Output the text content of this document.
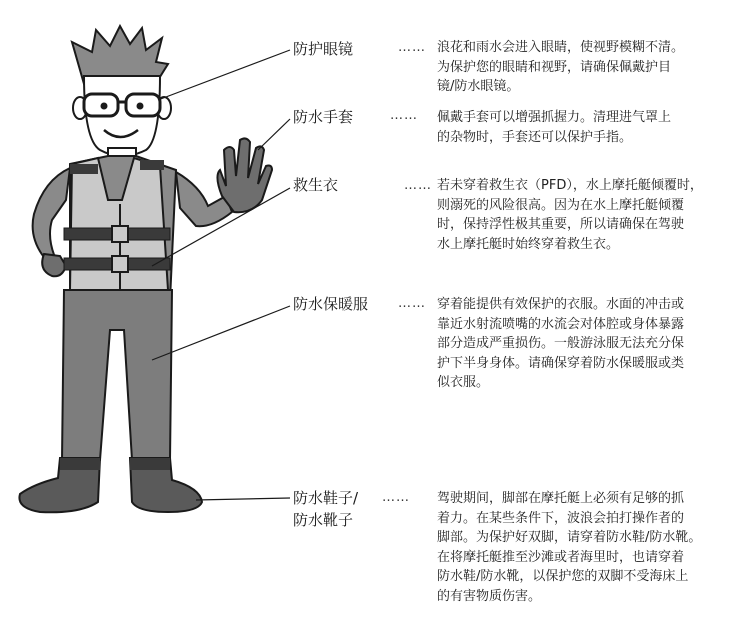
防护眼镜	…… 浪花和雨水会进入眼睛，使视野模糊不清。
为保护您的眼睛和视野，请确保佩戴护目
镜/防水眼镜。
防水手套	…… 佩戴手套可以增强抓握力。清理进气罩上
的杂物时，手套还可以保护手指。
救生衣	…… 若未穿着救生衣（PFD），水上摩托艇倾覆时，
则溺死的风险很高。因为在水上摩托艇倾覆
时，保持浮性极其重要，所以请确保在驾驶
水上摩托艇时始终穿着救生衣。
防水保暖服 …… 穿着能提供有效保护的衣服。水面的冲击或
靠近水射流喷嘴的水流会对体腔或身体暴露
部分造成严重损伤。一般游泳服无法充分保
护下半身身体。请确保穿着防水保暖服或类
似衣服。
防水鞋子/
防水靴子
…… 驾驶期间，脚部在摩托艇上必须有足够的抓
着力。在某些条件下，波浪会拍打操作者的
脚部。为保护好双脚，请穿着防水鞋/防水靴。
在将摩托艇推至沙滩或者海里时，也请穿着
防水鞋/防水靴，以保护您的双脚不受海床上
的有害物质伤害。
